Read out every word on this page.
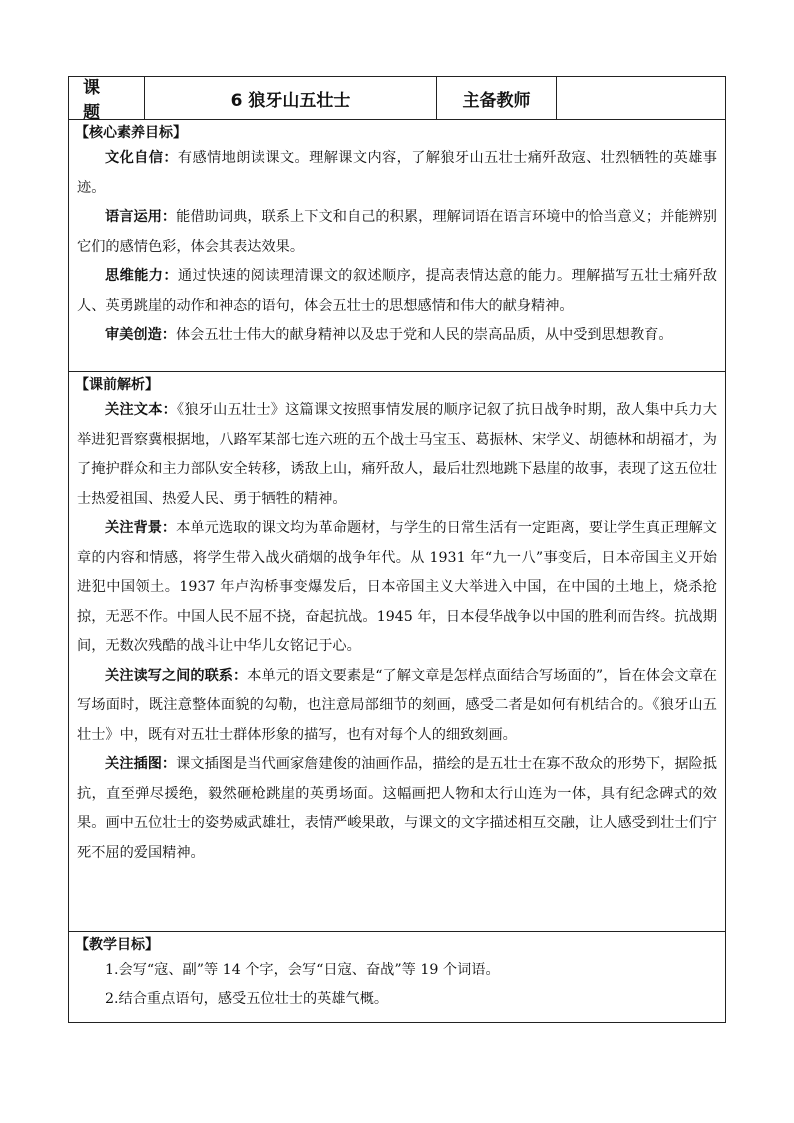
课 题
6 狼牙山五壮士	主备教师
【核心素养目标】

文化自信：有感情地朗读课文。理解课文内容，了解狼牙山五壮士痛歼敌寇、壮烈牺牲的英雄事迹。

语言运用：能借助词典，联系上下文和自己的积累，理解词语在语言环境中的恰当意义；并能辨别它们的感情色彩，体会其表达效果。

思维能力：通过快速的阅读理清课文的叙述顺序，提高表情达意的能力。理解描写五壮士痛歼敌人、英勇跳崖的动作和神态的语句，体会五壮士的思想感情和伟大的献身精神。

审美创造：体会五壮士伟大的献身精神以及忠于党和人民的崇高品质，从中受到思想教育。

【课前解析】

关注文本：《狼牙山五壮士》这篇课文按照事情发展的顺序记叙了抗日战争时期，敌人集中兵力大举进犯晋察冀根据地，八路军某部七连六班的五个战士马宝玉、葛振林、宋学义、胡德林和胡福才，为了掩护群众和主力部队安全转移，诱敌上山，痛歼敌人，最后壮烈地跳下悬崖的故事，表现了这五位壮士热爱祖国、热爱人民、勇于牺牲的精神。

关注背景：本单元选取的课文均为革命题材，与学生的日常生活有一定距离，要让学生真正理解文章的内容和情感，将学生带入战火硝烟的战争年代。从 1931 年“九一八”事变后，日本帝国主义开始进犯中国领土。1937 年卢沟桥事变爆发后，日本帝国主义大举进入中国，在中国的土地上，烧杀抢掠，无恶不作。中国人民不屈不挠，奋起抗战。1945 年，日本侵华战争以中国的胜利而告终。抗战期间，无数次残酷的战斗让中华儿女铭记于心。

关注读写之间的联系：本单元的语文要素是“了解文章是怎样点面结合写场面的”，旨在体会文章在写场面时，既注意整体面貌的勾勒，也注意局部细节的刻画，感受二者是如何有机结合的。《狼牙山五壮士》中，既有对五壮士群体形象的描写，也有对每个人的细致刻画。

关注插图：课文插图是当代画家詹建俊的油画作品，描绘的是五壮士在寡不敌众的形势下，据险抵抗，直至弹尽援绝，毅然砸枪跳崖的英勇场面。这幅画把人物和太行山连为一体，具有纪念碑式的效果。画中五位壮士的姿势威武雄壮，表情严峻果敢，与课文的文字描述相互交融，让人感受到壮士们宁死不屈的爱国精神。

【教学目标】

1.会写“寇、副”等 14 个字，会写“日寇、奋战”等 19 个词语。

2.结合重点语句，感受五位壮士的英雄气概。
